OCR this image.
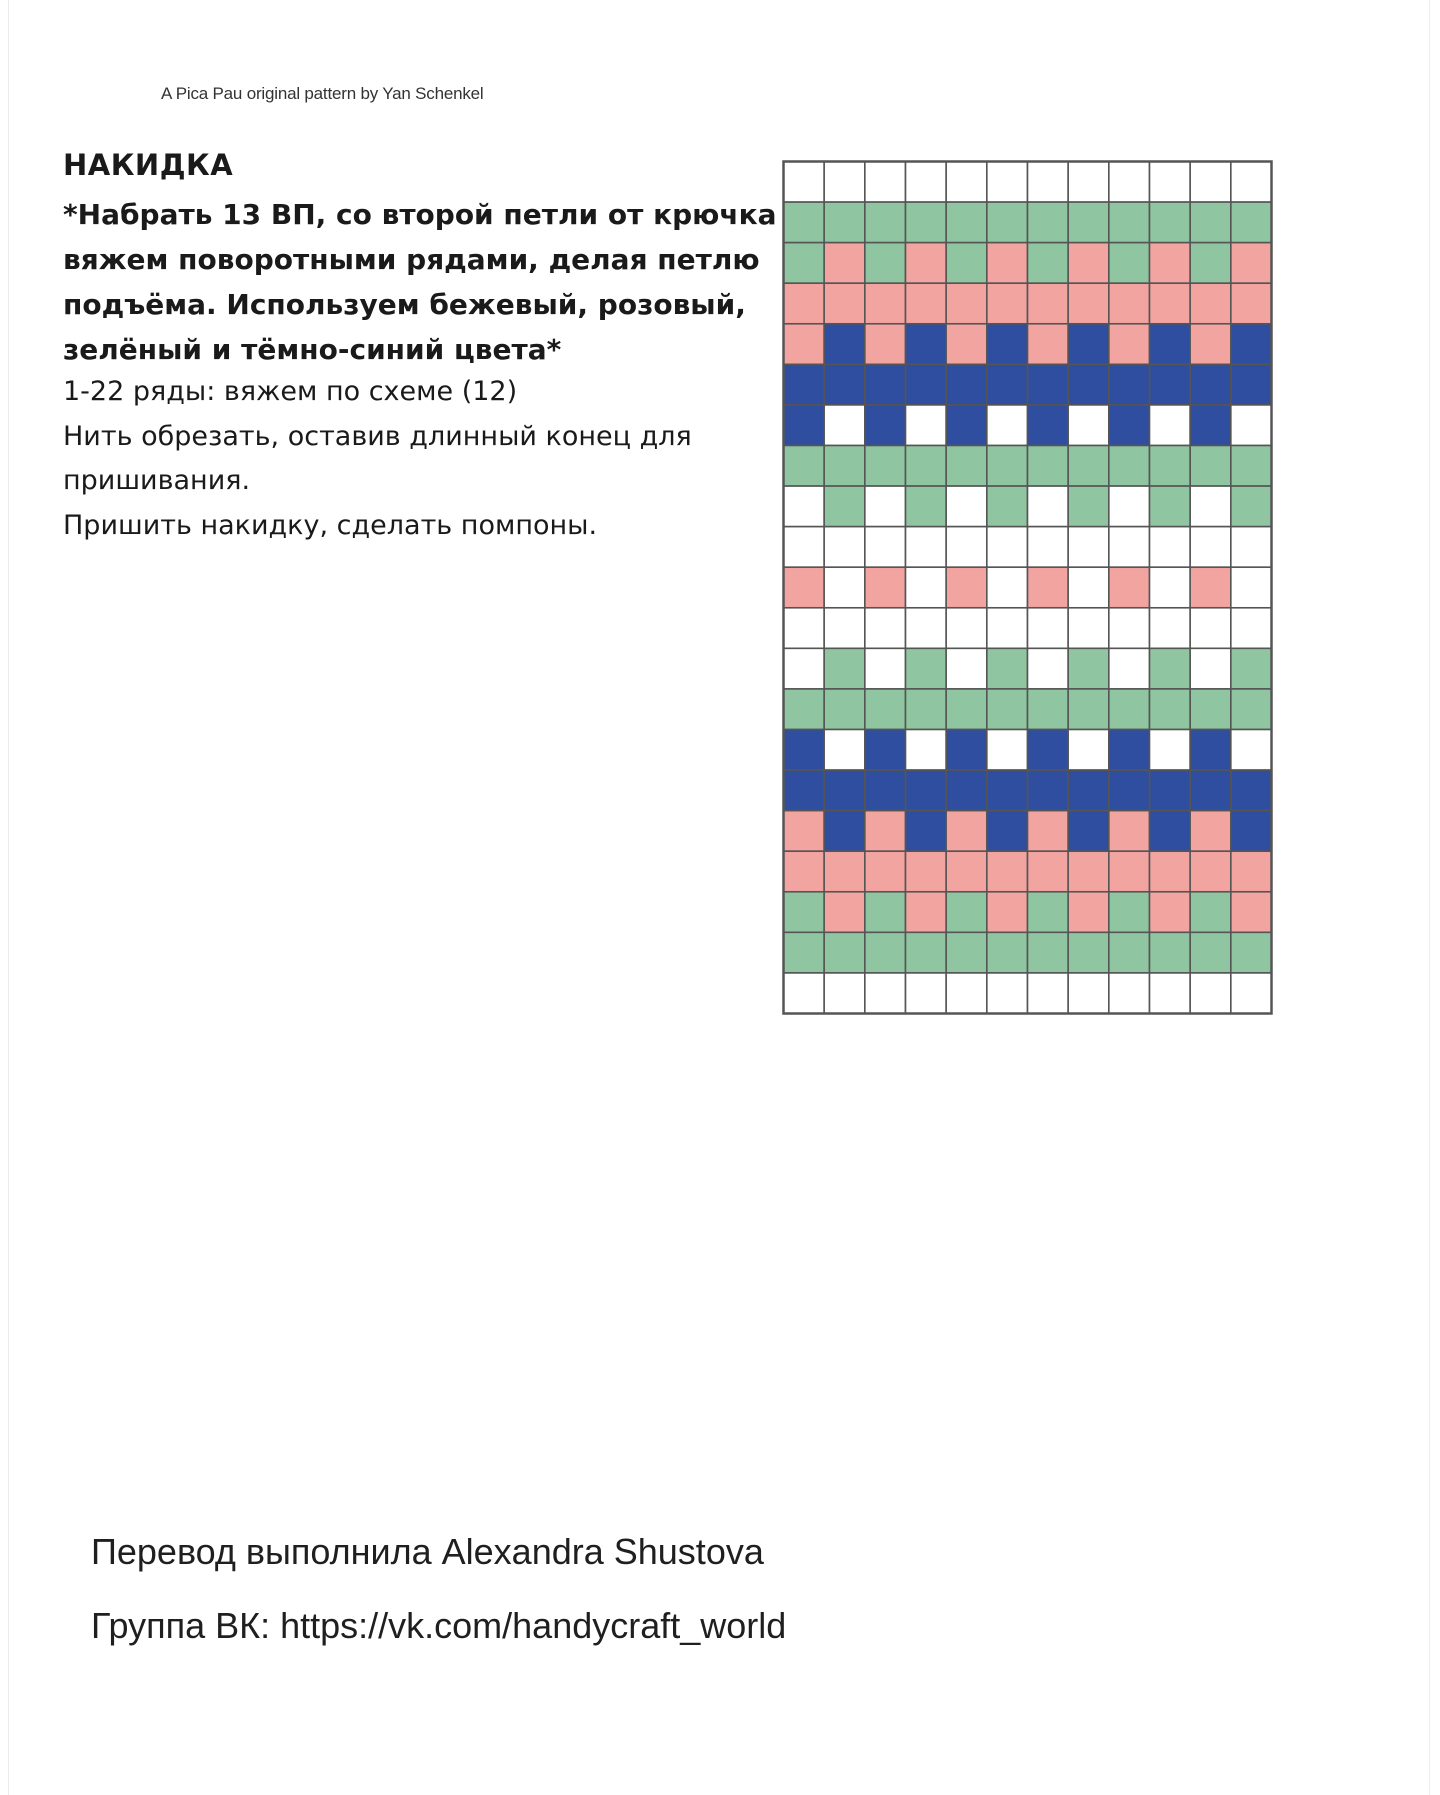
A Pica Pau original pattern by Yan Schenkel
НАКИДКА
*Набрать 13 ВП, со второй петли от крючка вяжем поворотными рядами, делая петлю подъёма. Используем бежевый, розовый, зелёный и тёмно-синий цвета*
1-22 ряды: вяжем по схеме (12)
Нить обрезать, оставив длинный конец для
пришивания.
Пришить накидку, сделать помпоны.
Перевод выполнила Alexandra Shustova
Группа ВК: https://vk.com/handycraft_world
